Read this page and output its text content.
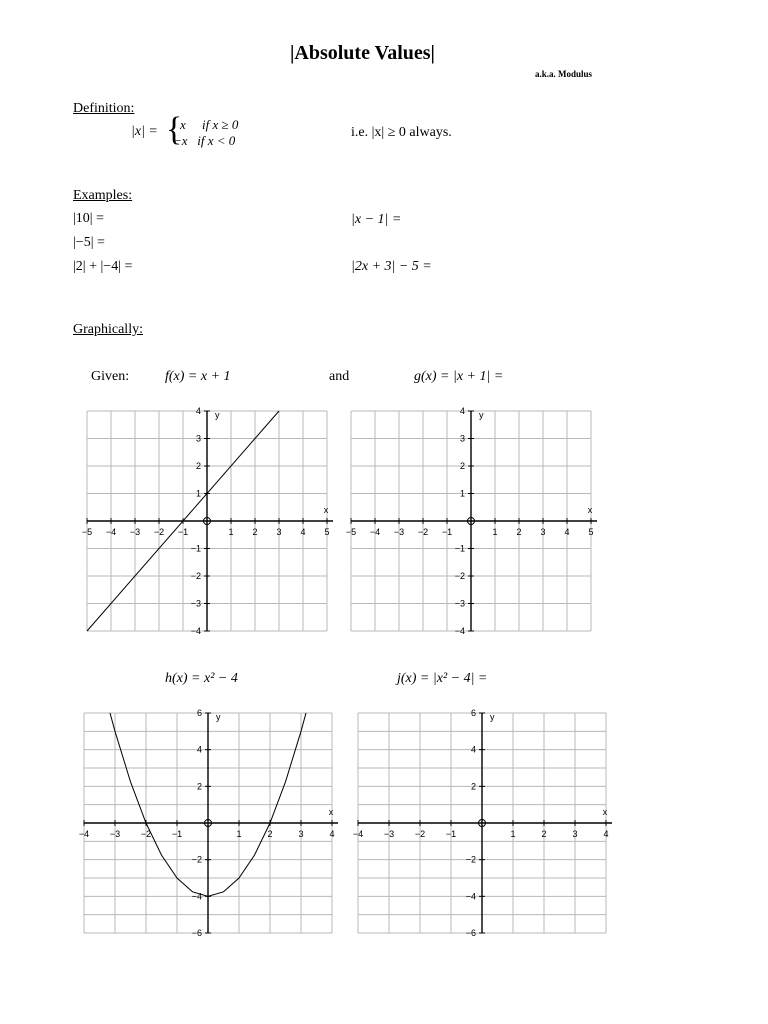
|Absolute Values|
a.k.a. Modulus
Definition:
|x| = {
x     if x ≥ 0
−x   if x < 0
i.e. |x| ≥ 0 always.
Examples:
|10| =
|−5| =
|2| + |−4| =
|x − 1| =
|2x + 3| − 5 =
Graphically:
Given:	f(x) = x + 1	and	g(x) = |x + 1| =
h(x) = x² − 4	j(x) = |x² − 4| =
−5 −4 −3 −2 −1	1 2 3 4 5
−4
−3
−2
−1
1
2
3
4
x
y
−5 −4 −3 −2 −1	1 2 3 4 5
−4
−3
−2
−1
1
2
3
4
x
y
−4 −3 −2 −1	1	2	3	4
−6
−4
−2
2
4
6
x
y
−4 −3 −2 −1	1	2	3	4
−6
−4
−2
2
4
6
x
y
